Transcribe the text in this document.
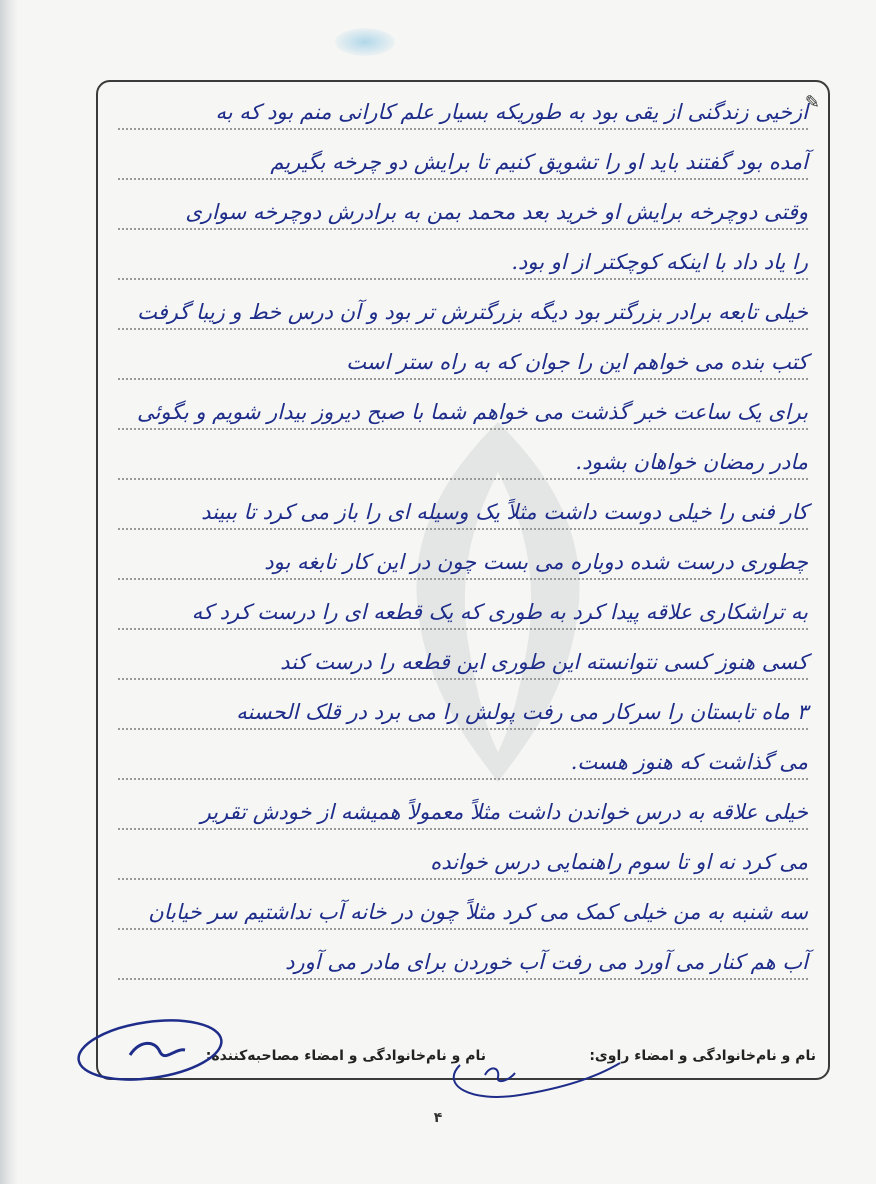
✎
ازخیی زندگنی از یقی بود به طوریکه بسیار علم کارانی منم بود که به
آمده بود گفتند باید او را تشویق کنیم تا برایش دو چرخه بگیریم
وقتی دوچرخه برایش او خرید بعد محمد بمن به برادرش دوچرخه سواری
را یاد داد با اینکه کوچکتر از او بود.
خیلی تابعه برادر بزرگتر بود دیگه بزرگترش تر بود و آن درس خط و زیبا گرفت
کتب بنده می خواهم این را جوان که به راه ستر است
برای یک ساعت خبر گذشت می خواهم شما با صبح دیروز بیدار شویم و بگوئی
مادر رمضان خواهان بشود.
کار فنی را خیلی دوست داشت مثلاً یک وسیله ای را باز می کرد تا ببیند
چطوری درست شده دوباره می بست چون در این کار نابغه بود
به تراشکاری علاقه پیدا کرد به طوری که یک قطعه ای را درست کرد که
کسی هنوز کسی نتوانسته این طوری این قطعه را درست کند
۳ ماه تابستان را سرکار می رفت پولش را می برد در قلک الحسنه
می گذاشت که هنوز هست.
خیلی علاقه به درس خواندن داشت مثلاً معمولاً همیشه از خودش تقریر
می کرد نه او تا سوم راهنمایی درس خوانده
سه شنبه به من خیلی کمک می کرد مثلاً چون در خانه آب نداشتیم سر خیابان
آب هم کنار می آورد می رفت آب خوردن برای مادر می آورد
نام و نام‌خانوادگی و امضاء راوی:
نام و نام‌خانوادگی و امضاء مصاحبه‌کننده:
۴
